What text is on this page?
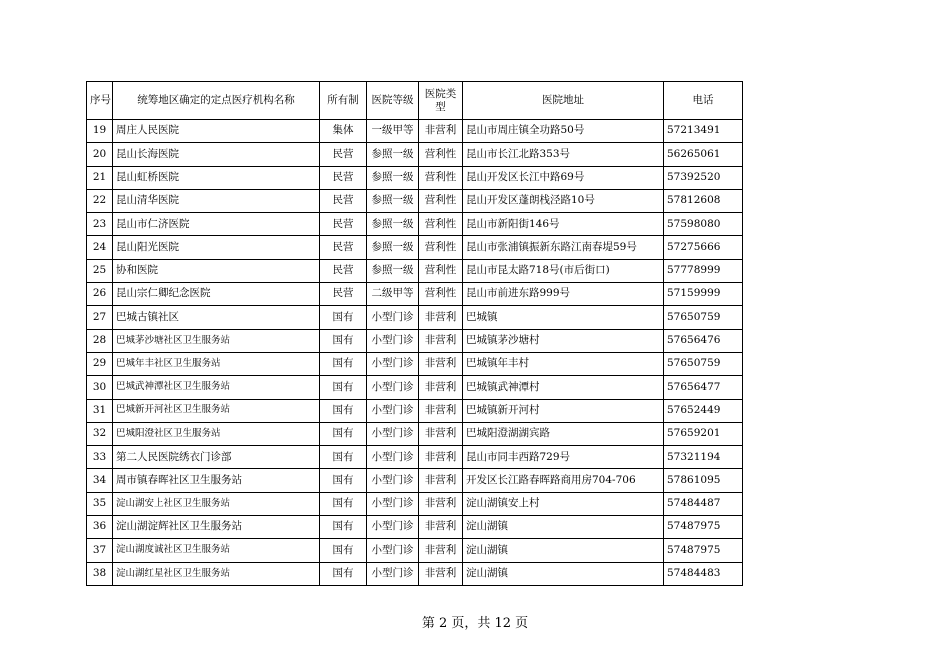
序号	统筹地区确定的定点医疗机构名称	所有制	医院等级	医院类型	医院地址	电话
19	周庄人民医院	集体	一级甲等	非营利	昆山市周庄镇全功路50号	57213491
20	昆山长海医院	民营	参照一级	营利性	昆山市长江北路353号	56265061
21	昆山虹桥医院	民营	参照一级	营利性	昆山开发区长江中路69号	57392520
22	昆山清华医院	民营	参照一级	营利性	昆山开发区蓬朗栈泾路10号	57812608
23	昆山市仁济医院	民营	参照一级	营利性	昆山市新阳街146号	57598080
24	昆山阳光医院	民营	参照一级	营利性	昆山市张浦镇振新东路江南春堤59号	57275666
25	协和医院	民营	参照一级	营利性	昆山市昆太路718号(市后街口)	57778999
26	昆山宗仁卿纪念医院	民营	二级甲等	营利性	昆山市前进东路999号	57159999
27	巴城古镇社区	国有	小型门诊	非营利	巴城镇	57650759
28	巴城茅沙塘社区卫生服务站	国有	小型门诊	非营利	巴城镇茅沙塘村	57656476
29	巴城年丰社区卫生服务站	国有	小型门诊	非营利	巴城镇年丰村	57650759
30	巴城武神潭社区卫生服务站	国有	小型门诊	非营利	巴城镇武神潭村	57656477
31	巴城新开河社区卫生服务站	国有	小型门诊	非营利	巴城镇新开河村	57652449
32	巴城阳澄社区卫生服务站	国有	小型门诊	非营利	巴城阳澄湖湖宾路	57659201
33	第二人民医院绣衣门诊部	国有	小型门诊	非营利	昆山市同丰西路729号	57321194
34	周市镇春晖社区卫生服务站	国有	小型门诊	非营利	开发区长江路春晖路商用房704-706	57861095
35	淀山湖安上社区卫生服务站	国有	小型门诊	非营利	淀山湖镇安上村	57484487
36	淀山湖淀辉社区卫生服务站	国有	小型门诊	非营利	淀山湖镇	57487975
37	淀山湖度诚社区卫生服务站	国有	小型门诊	非营利	淀山湖镇	57487975
38	淀山湖红星社区卫生服务站	国有	小型门诊	非营利	淀山湖镇	57484483
第 2 页，共 12 页
